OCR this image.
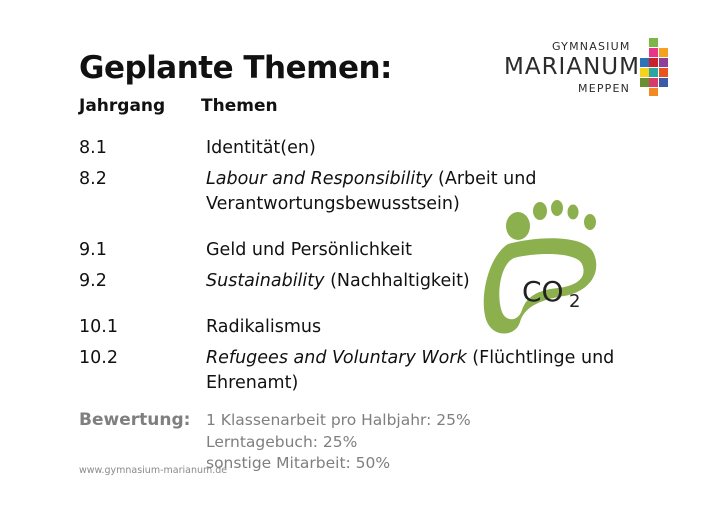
Geplante Themen:
Jahrgang Themen
8.1	Identität(en)
8.2	Labour and Responsibility (Arbeit und
Verantwortungsbewusstsein)
9.1	Geld und Persönlichkeit
9.2	Sustainability (Nachhaltigkeit)
10.1	Radikalismus
10.2	Refugees and Voluntary Work (Flüchtlinge und
Ehrenamt)
Bewertung: 1 Klassenarbeit pro Halbjahr: 25%
Lerntagebuch: 25%
sonstige Mitarbeit: 50%
www.gymnasium-marianum.de
GYMNASIUM
MARIANUM
MEPPEN
CO 2
